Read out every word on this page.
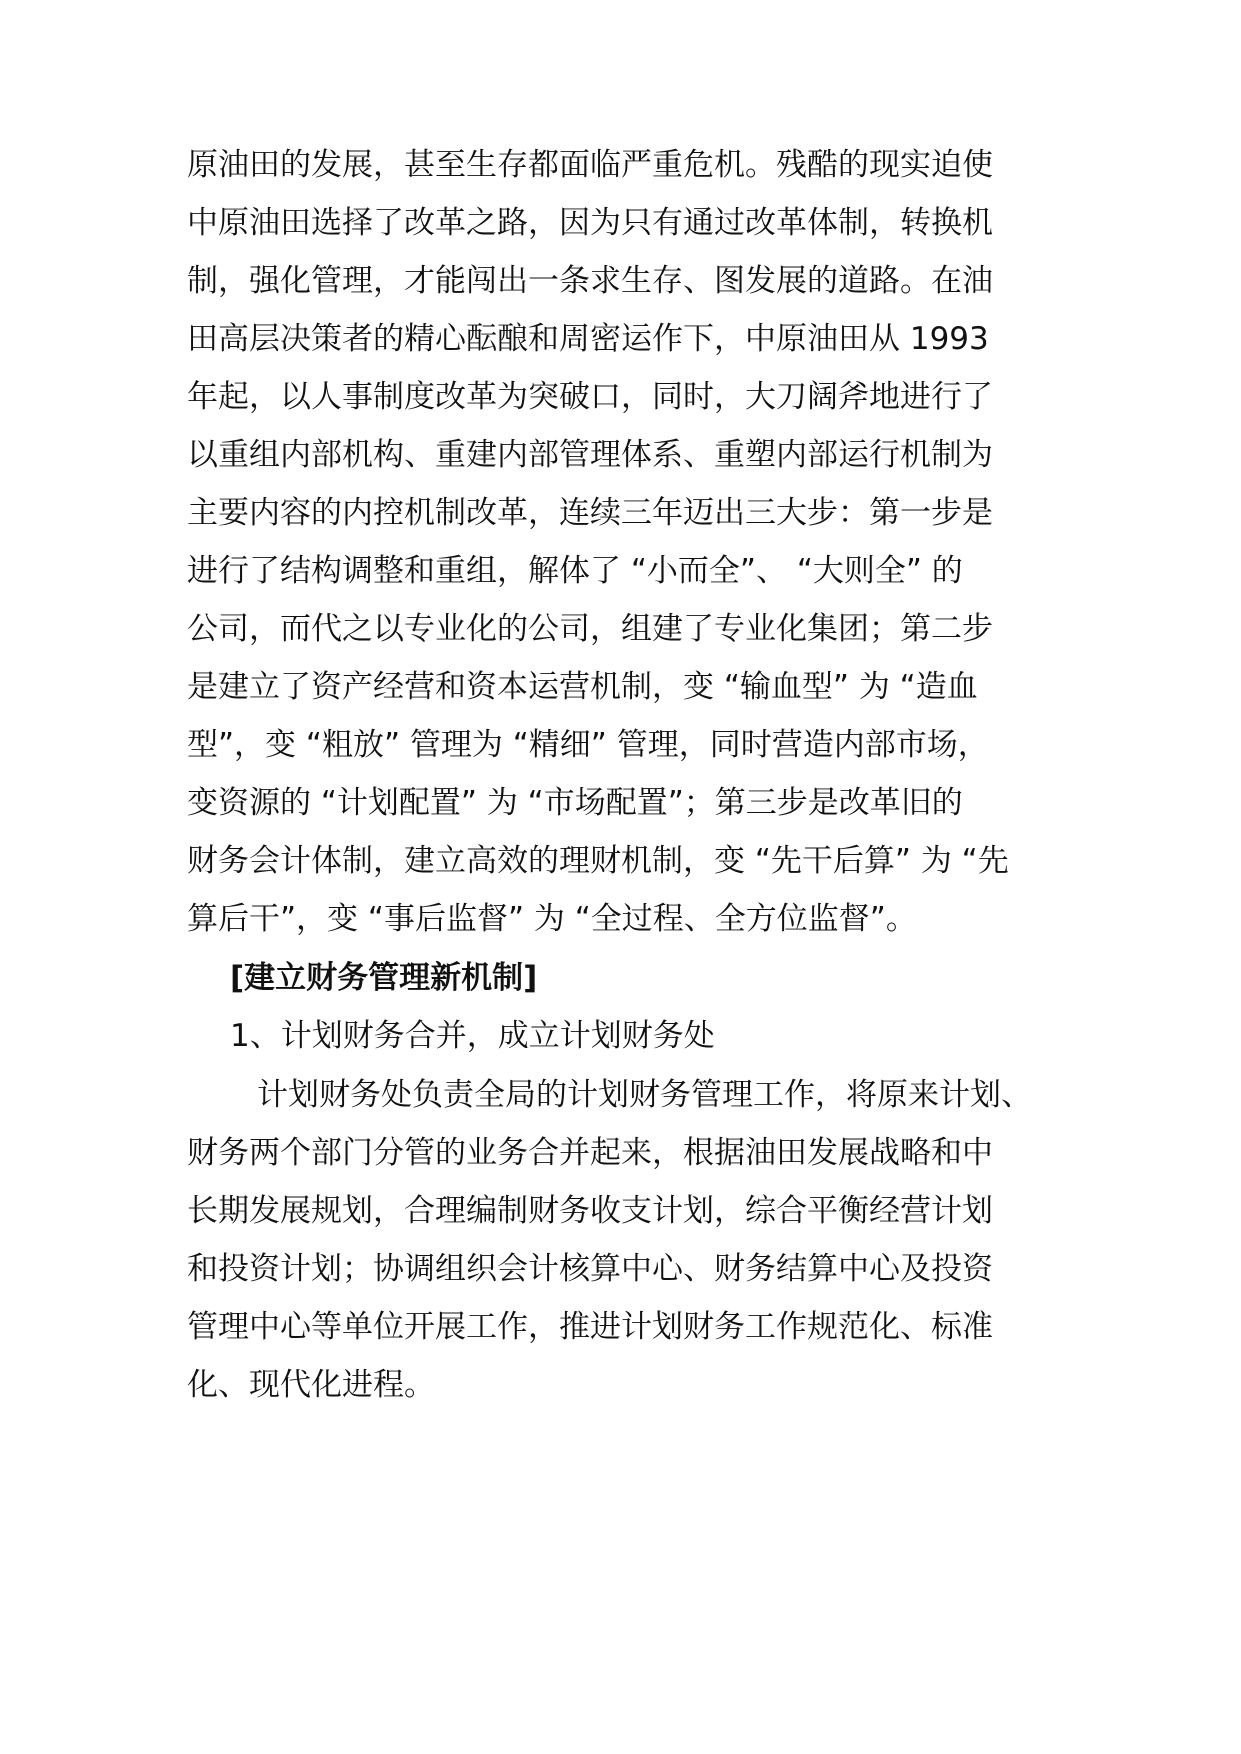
原油田的发展，甚至生存都面临严重危机。残酷的现实迫使
中原油田选择了改革之路，因为只有通过改革体制，转换机
制，强化管理，才能闯出一条求生存、图发展的道路。在油
田高层决策者的精心酝酿和周密运作下，中原油田从 1993
年起，以人事制度改革为突破口，同时，大刀阔斧地进行了
以重组内部机构、重建内部管理体系、重塑内部运行机制为
主要内容的内控机制改革，连续三年迈出三大步：第一步是
进行了结构调整和重组，解体了 “小而全”、 “大则全” 的
公司，而代之以专业化的公司，组建了专业化集团；第二步
是建立了资产经营和资本运营机制，变 “输血型” 为 “造血
型”，变 “粗放” 管理为 “精细” 管理，同时营造内部市场，
变资源的 “计划配置” 为 “市场配置”；第三步是改革旧的
财务会计体制，建立高效的理财机制，变 “先干后算” 为 “先
算后干”，变 “事后监督” 为 “全过程、全方位监督”。
[建立财务管理新机制]
1、计划财务合并，成立计划财务处
计划财务处负责全局的计划财务管理工作，将原来计划、
财务两个部门分管的业务合并起来，根据油田发展战略和中
长期发展规划，合理编制财务收支计划，综合平衡经营计划
和投资计划；协调组织会计核算中心、财务结算中心及投资
管理中心等单位开展工作，推进计划财务工作规范化、标准
化、现代化进程。
